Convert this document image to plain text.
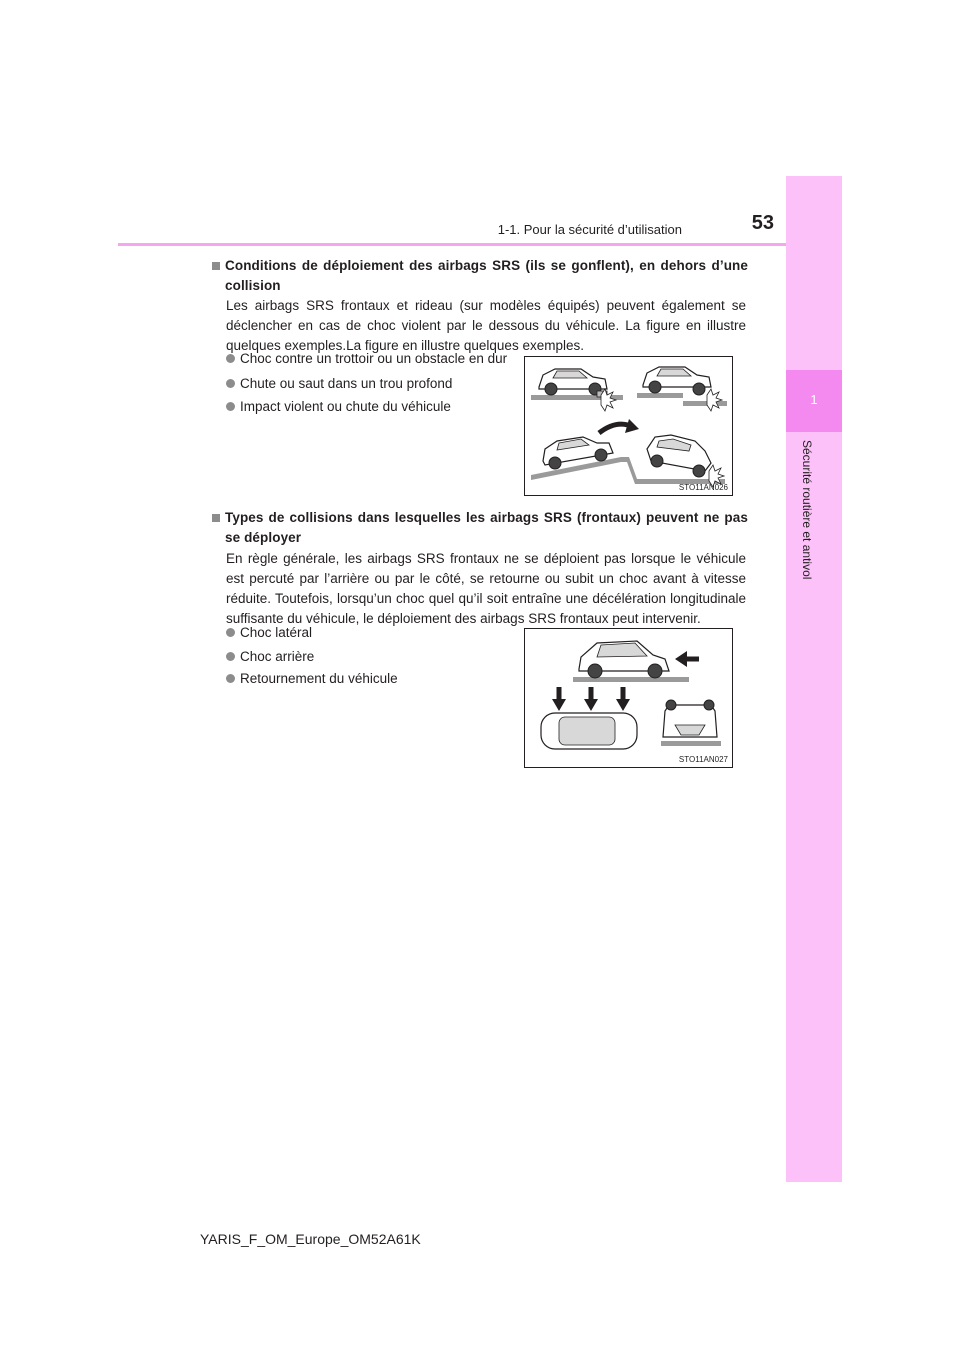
1-1. Pour la sécurité d’utilisation	53
1
Sécurité routière et antivol
Conditions de déploiement des airbags SRS (ils se gonflent), en dehors d’une collision
Les airbags SRS frontaux et rideau (sur modèles équipés) peuvent également se déclencher en cas de choc violent par le dessous du véhicule. La figure en illustre quelques exemples.La figure en illustre quelques exemples.
Choc contre un trottoir ou un obstacle en dur
Chute ou saut dans un trou profond
Impact violent ou chute du véhicule
STO11AN026
Types de collisions dans lesquelles les airbags SRS (frontaux) peuvent ne pas se déployer
En règle générale, les airbags SRS frontaux ne se déploient pas lorsque le véhicule est percuté par l’arrière ou par le côté, se retourne ou subit un choc avant à vitesse réduite. Toutefois, lorsqu’un choc quel qu’il soit entraîne une décélération longitudinale suffisante du véhicule, le déploiement des airbags SRS frontaux peut intervenir.
Choc latéral
Choc arrière
Retournement du véhicule
STO11AN027
YARIS_F_OM_Europe_OM52A61K
